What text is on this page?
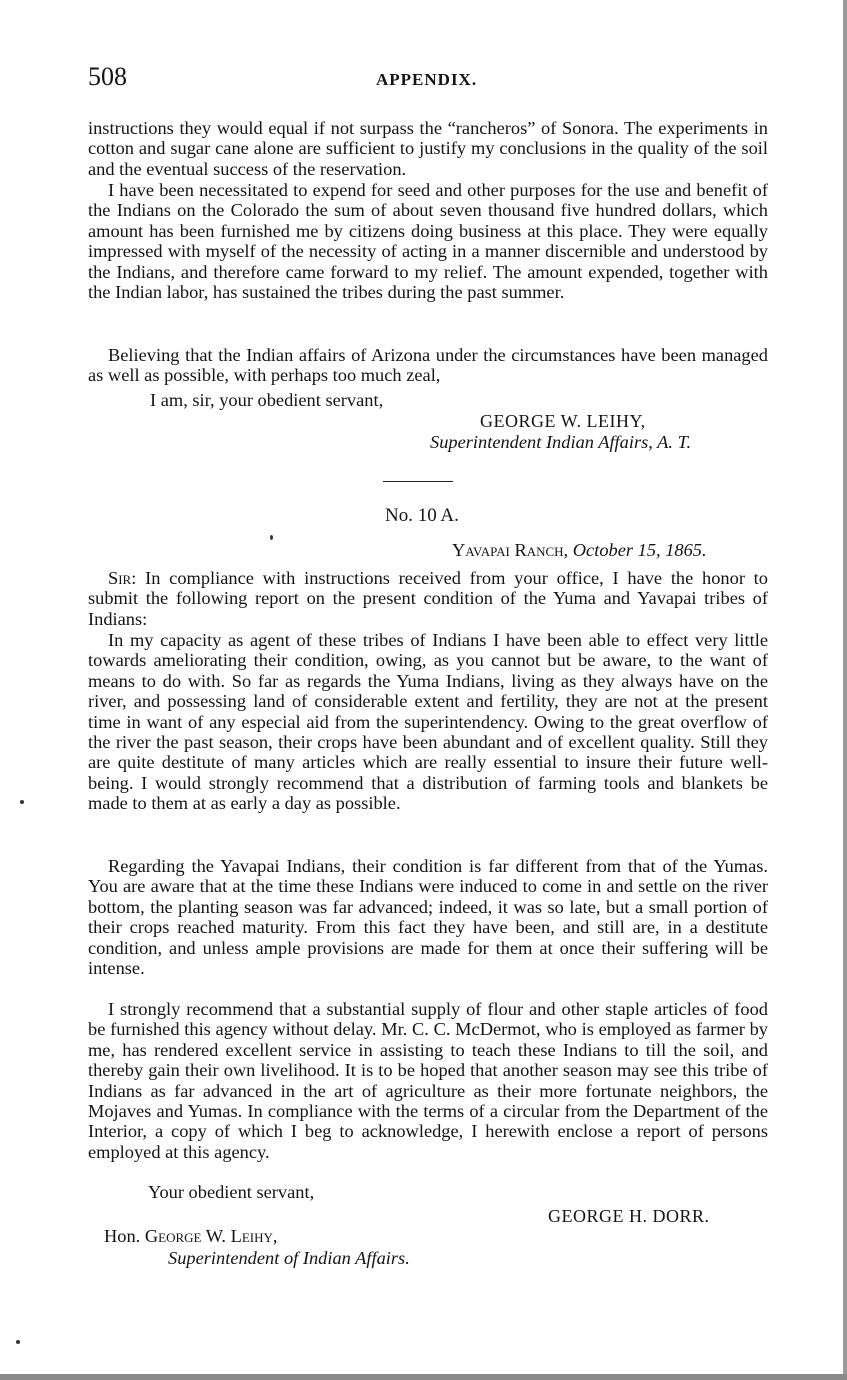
508	APPENDIX.

instructions they would equal if not surpass the “rancheros” of Sonora. The experiments in cotton and sugar cane alone are sufficient to justify my conclusions in the quality of the soil and the eventual success of the reservation.

I have been necessitated to expend for seed and other purposes for the use and benefit of the Indians on the Colorado the sum of about seven thousand five hundred dollars, which amount has been furnished me by citizens doing business at this place. They were equally impressed with myself of the necessity of acting in a manner discernible and understood by the Indians, and therefore came forward to my relief. The amount expended, together with the Indian labor, has sustained the tribes during the past summer.

Believing that the Indian affairs of Arizona under the circumstances have been managed as well as possible, with perhaps too much zeal,

I am, sir, your obedient servant,
GEORGE W. LEIHY,
Superintendent Indian Affairs, A. T.
No. 10 A.
Yavapai Ranch, October 15, 1865.

Sir: In compliance with instructions received from your office, I have the honor to submit the following report on the present condition of the Yuma and Yavapai tribes of Indians:

In my capacity as agent of these tribes of Indians I have been able to effect very little towards ameliorating their condition, owing, as you cannot but be aware, to the want of means to do with. So far as regards the Yuma Indians, living as they always have on the river, and possessing land of considerable extent and fertility, they are not at the present time in want of any especial aid from the superintendency. Owing to the great overflow of the river the past season, their crops have been abundant and of excellent quality. Still they are quite destitute of many articles which are really essential to insure their future well-being. I would strongly recommend that a distribution of farming tools and blankets be made to them at as early a day as possible.

Regarding the Yavapai Indians, their condition is far different from that of the Yumas. You are aware that at the time these Indians were induced to come in and settle on the river bottom, the planting season was far advanced; indeed, it was so late, but a small portion of their crops reached maturity. From this fact they have been, and still are, in a destitute condition, and unless ample provisions are made for them at once their suffering will be intense.

I strongly recommend that a substantial supply of flour and other staple articles of food be furnished this agency without delay. Mr. C. C. McDermot, who is employed as farmer by me, has rendered excellent service in assisting to teach these Indians to till the soil, and thereby gain their own livelihood. It is to be hoped that another season may see this tribe of Indians as far advanced in the art of agriculture as their more fortunate neighbors, the Mojaves and Yumas. In compliance with the terms of a circular from the Department of the Interior, a copy of which I beg to acknowledge, I herewith enclose a report of persons employed at this agency.

Your obedient servant,
GEORGE H. DORR.
Hon. George W. Leihy,
Superintendent of Indian Affairs.
